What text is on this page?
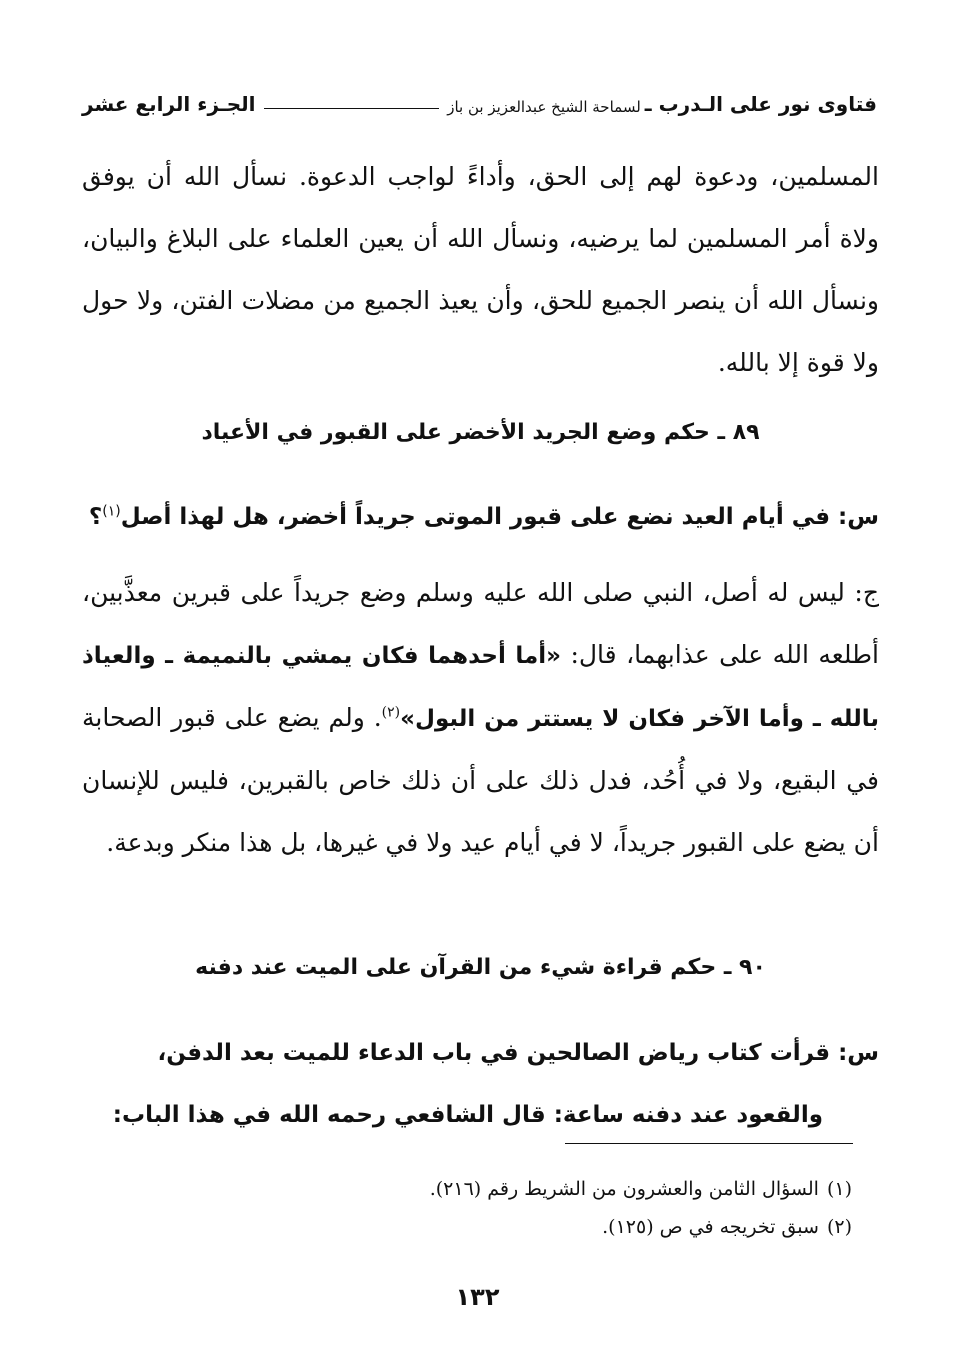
فتاوى نور على الـدرب ـ
لسماحة الشيخ عبدالعزيز بن باز
الجـزء الرابع عشر
المسلمين، ودعوة لهم إلى الحق، وأداءً لواجب الدعوة. نسأل الله أن يوفق ولاة أمر المسلمين لما يرضيه، ونسأل الله أن يعين العلماء على البلاغ والبيان، ونسأل الله أن ينصر الجميع للحق، وأن يعيذ الجميع من مضلات الفتن، ولا حول ولا قوة إلا بالله.
٨٩ ـ حكم وضع الجريد الأخضر على القبور في الأعياد
س: في أيام العيد نضع على قبور الموتى جريداً أخضر، هل لهذا أصل$^{(١)}$؟
ج: ليس له أصل، النبي صلى الله عليه وسلم وضع جريداً على قبرين معذَّبين، أطلعه الله على عذابهما، قال: «أما أحدهما فكان يمشي بالنميمة ـ والعياذ بالله ـ وأما الآخر فكان لا يستتر من البول»$^{(٢)}$. ولم يضع على قبور الصحابة في البقيع، ولا في أُحُد، فدل ذلك على أن ذلك خاص بالقبرين، فليس للإنسان أن يضع على القبور جريداً، لا في أيام عيد ولا في غيرها، بل هذا منكر وبدعة.
٩٠ ـ حكم قراءة شيء من القرآن على الميت عند دفنه
س: قرأت كتاب رياض الصالحين في باب الدعاء للميت بعد الدفن،
والقعود عند دفنه ساعة: قال الشافعي رحمه الله في هذا الباب:
(١)
السؤال الثامن والعشرون من الشريط رقم (٢١٦).
(٢)
سبق تخريجه في ص (١٢٥).
١٣٢
